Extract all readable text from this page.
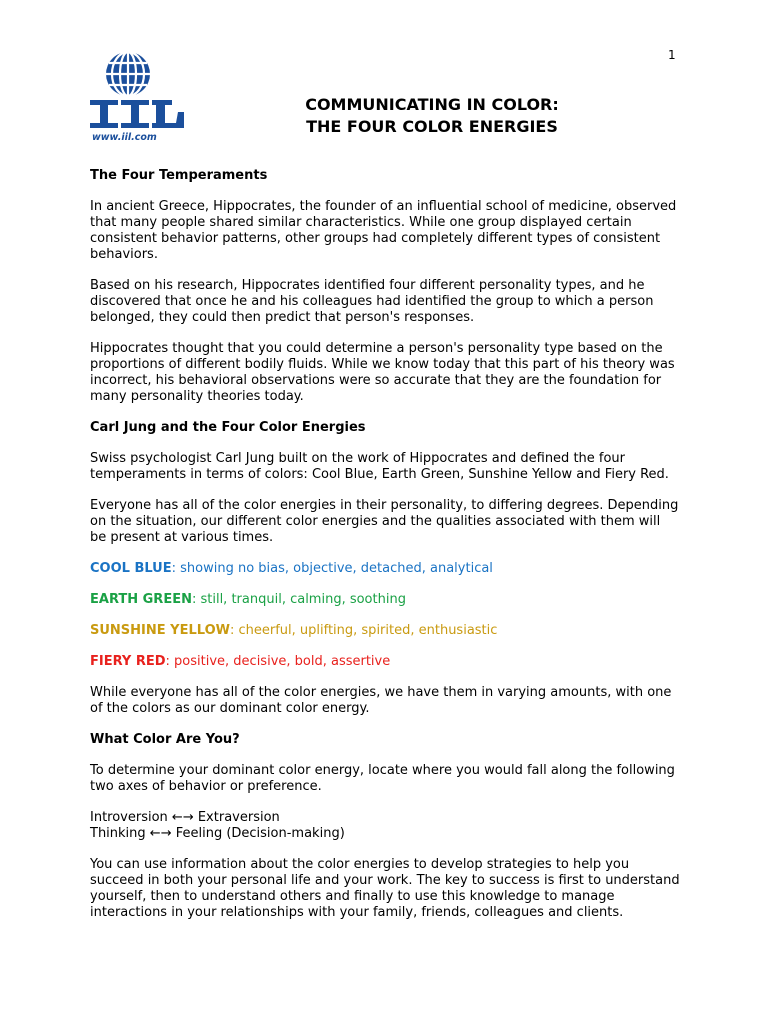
1
www.iil.com
COMMUNICATING IN COLOR:
THE FOUR COLOR ENERGIES
The Four Temperaments

In ancient Greece, Hippocrates, the founder of an influential school of medicine, observed that many people shared similar characteristics. While one group displayed certain consistent behavior patterns, other groups had completely different types of consistent behaviors.

Based on his research, Hippocrates identified four different personality types, and he discovered that once he and his colleagues had identified the group to which a person belonged, they could then predict that person's responses.

Hippocrates thought that you could determine a person's personality type based on the proportions of different bodily fluids. While we know today that this part of his theory was incorrect, his behavioral observations were so accurate that they are the foundation for many personality theories today.

Carl Jung and the Four Color Energies

Swiss psychologist Carl Jung built on the work of Hippocrates and defined the four temperaments in terms of colors: Cool Blue, Earth Green, Sunshine Yellow and Fiery Red.

Everyone has all of the color energies in their personality, to differing degrees. Depending on the situation, our different color energies and the qualities associated with them will be present at various times.

COOL BLUE: showing no bias, objective, detached, analytical

EARTH GREEN: still, tranquil, calming, soothing

SUNSHINE YELLOW: cheerful, uplifting, spirited, enthusiastic

FIERY RED: positive, decisive, bold, assertive

While everyone has all of the color energies, we have them in varying amounts, with one of the colors as our dominant color energy.

What Color Are You?

To determine your dominant color energy, locate where you would fall along the following two axes of behavior or preference.

Introversion ←→ Extraversion

Thinking ←→ Feeling (Decision-making)

You can use information about the color energies to develop strategies to help you succeed in both your personal life and your work. The key to success is first to understand yourself, then to understand others and finally to use this knowledge to manage interactions in your relationships with your family, friends, colleagues and clients.
